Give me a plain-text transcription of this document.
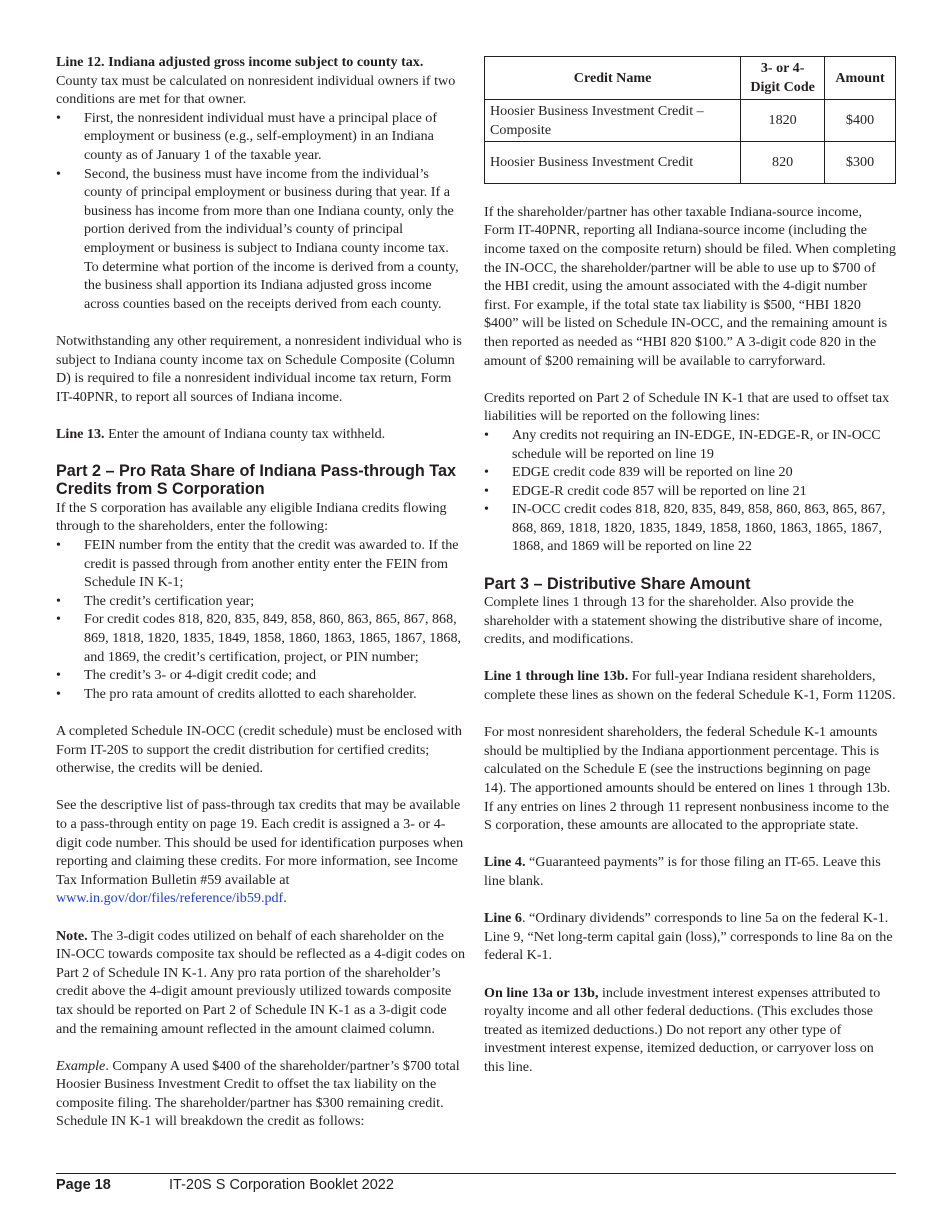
Line 12. Indiana adjusted gross income subject to county tax.
County tax must be calculated on nonresident individual owners if two conditions are met for that owner.

• First, the nonresident individual must have a principal place of employment or business (e.g., self-employment) in an Indiana county as of January 1 of the taxable year.
• Second, the business must have income from the individual’s county of principal employment or business during that year. If a business has income from more than one Indiana county, only the portion derived from the individual’s county of principal employment or business is subject to Indiana county income tax. To determine what portion of the income is derived from a county, the business shall apportion its Indiana adjusted gross income across counties based on the receipts derived from each county.

Notwithstanding any other requirement, a nonresident individual who is subject to Indiana county income tax on Schedule Composite (Column D) is required to file a nonresident individual income tax return, Form IT-40PNR, to report all sources of Indiana income.

Line 13. Enter the amount of Indiana county tax withheld.

Part 2 – Pro Rata Share of Indiana Pass-through Tax Credits from S Corporation

If the S corporation has available any eligible Indiana credits flowing through to the shareholders, enter the following:

• FEIN number from the entity that the credit was awarded to. If the credit is passed through from another entity enter the FEIN from Schedule IN K-1;
• The credit’s certification year;
• For credit codes 818, 820, 835, 849, 858, 860, 863, 865, 867, 868, 869, 1818, 1820, 1835, 1849, 1858, 1860, 1863, 1865, 1867, 1868, and 1869, the credit’s certification, project, or PIN number;
• The credit’s 3- or 4-digit credit code; and
• The pro rata amount of credits allotted to each shareholder.

A completed Schedule IN-OCC (credit schedule) must be enclosed with Form IT-20S to support the credit distribution for certified credits; otherwise, the credits will be denied.

See the descriptive list of pass-through tax credits that may be available to a pass-through entity on page 19. Each credit is assigned a 3- or 4-digit code number. This should be used for identification purposes when reporting and claiming these credits. For more information, see Income Tax Information Bulletin #59 available at www.in.gov/dor/files/reference/ib59.pdf.

Note. The 3-digit codes utilized on behalf of each shareholder on the IN-OCC towards composite tax should be reflected as a 4-digit codes on Part 2 of Schedule IN K-1. Any pro rata portion of the shareholder’s credit above the 4-digit amount previously utilized towards composite tax should be reported on Part 2 of Schedule IN K-1 as a 3-digit code and the remaining amount reflected in the amount claimed column.

Example. Company A used $400 of the shareholder/partner’s $700 total Hoosier Business Investment Credit to offset the tax liability on the composite filing. The shareholder/partner has $300 remaining credit. Schedule IN K-1 will breakdown the credit as follows:

Credit Name	3- or 4-Digit Code	Amount
Hoosier Business Investment Credit – Composite	1820	$400
Hoosier Business Investment Credit	820	$300

If the shareholder/partner has other taxable Indiana-source income, Form IT-40PNR, reporting all Indiana-source income (including the income taxed on the composite return) should be filed. When completing the IN-OCC, the shareholder/partner will be able to use up to $700 of the HBI credit, using the amount associated with the 4-digit number first. For example, if the total state tax liability is $500, “HBI 1820 $400” will be listed on Schedule IN-OCC, and the remaining amount is then reported as needed as “HBI 820 $100.” A 3-digit code 820 in the amount of $200 remaining will be available to carryforward.

Credits reported on Part 2 of Schedule IN K-1 that are used to offset tax liabilities will be reported on the following lines:

• Any credits not requiring an IN-EDGE, IN-EDGE-R, or IN-OCC schedule will be reported on line 19
• EDGE credit code 839 will be reported on line 20
• EDGE-R credit code 857 will be reported on line 21
• IN-OCC credit codes 818, 820, 835, 849, 858, 860, 863, 865, 867, 868, 869, 1818, 1820, 1835, 1849, 1858, 1860, 1863, 1865, 1867, 1868, and 1869 will be reported on line 22
Part 3 – Distributive Share Amount

Complete lines 1 through 13 for the shareholder. Also provide the shareholder with a statement showing the distributive share of income, credits, and modifications.

Line 1 through line 13b. For full-year Indiana resident shareholders, complete these lines as shown on the federal Schedule K-1, Form 1120S.

For most nonresident shareholders, the federal Schedule K-1 amounts should be multiplied by the Indiana apportionment percentage. This is calculated on the Schedule E (see the instructions beginning on page 14). The apportioned amounts should be entered on lines 1 through 13b. If any entries on lines 2 through 11 represent nonbusiness income to the S corporation, these amounts are allocated to the appropriate state.

Line 4. “Guaranteed payments” is for those filing an IT-65. Leave this line blank.

Line 6. “Ordinary dividends” corresponds to line 5a on the federal K-1. Line 9, “Net long-term capital gain (loss),” corresponds to line 8a on the federal K-1.

On line 13a or 13b, include investment interest expenses attributed to royalty income and all other federal deductions. (This excludes those treated as itemized deductions.) Do not report any other type of investment interest expense, itemized deduction, or carryover loss on this line.

Page 18	IT-20S S Corporation Booklet 2022
